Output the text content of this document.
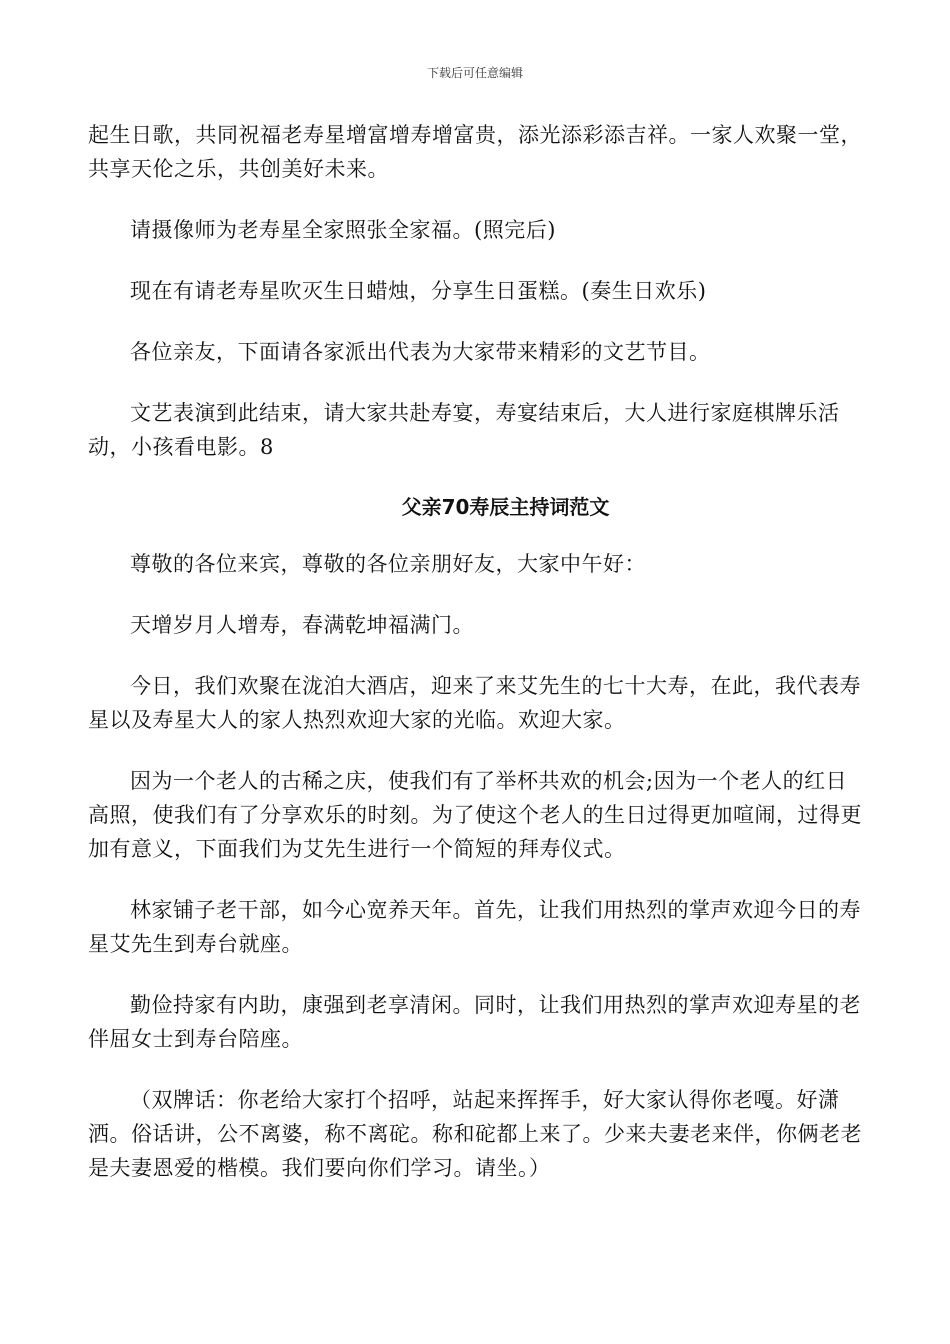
下载后可任意编辑

起生日歌，共同祝福老寿星增富增寿增富贵，添光添彩添吉祥。一家人欢聚一堂，共享天伦之乐，共创美好未来。

请摄像师为老寿星全家照张全家福。(照完后)

现在有请老寿星吹灭生日蜡烛，分享生日蛋糕。(奏生日欢乐)

各位亲友，下面请各家派出代表为大家带来精彩的文艺节目。

文艺表演到此结束，请大家共赴寿宴，寿宴结束后，大人进行家庭棋牌乐活动，小孩看电影。8

父亲70寿辰主持词范文

尊敬的各位来宾，尊敬的各位亲朋好友，大家中午好：

天增岁月人增寿，春满乾坤福满门。

今日，我们欢聚在泷泊大酒店，迎来了来艾先生的七十大寿，在此，我代表寿星以及寿星大人的家人热烈欢迎大家的光临。欢迎大家。

因为一个老人的古稀之庆，使我们有了举杯共欢的机会;因为一个老人的红日高照，使我们有了分享欢乐的时刻。为了使这个老人的生日过得更加喧闹，过得更加有意义，下面我们为艾先生进行一个简短的拜寿仪式。

林家铺子老干部，如今心宽养天年。首先，让我们用热烈的掌声欢迎今日的寿星艾先生到寿台就座。

勤俭持家有内助，康强到老享清闲。同时，让我们用热烈的掌声欢迎寿星的老伴屈女士到寿台陪座。

（双牌话：你老给大家打个招呼，站起来挥挥手，好大家认得你老嘎。好潇洒。俗话讲，公不离婆，称不离砣。称和砣都上来了。少来夫妻老来伴，你俩老老是夫妻恩爱的楷模。我们要向你们学习。请坐。）
